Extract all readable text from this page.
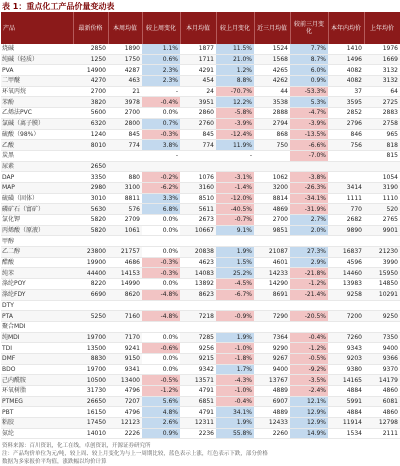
表 1：重点化工产品价量变动表
产品	最新价格	本周均值	较上周变化	本月均值	较上月变化	近三月均值	较前三月变化	本年内均价	上年均价
烧碱	2850	1890	1.1%	1877	11.5%	1524	7.7%	1410	1976
纯碱（轻质）	1250	1750	0.6%	1711	21.0%	1568	8.7%	1496	1669
PVA	14900	4287	2.3%	4291	1.2%	4265	6.0%	4082	3132
二甲醚	4270	463	2.3%	454	8.8%	4262	0.9%	4082	3132
环氧丙烷	2700	21	-	24	-70.7%	44	-53.3%	37	64
苯酚	3820	3978	-0.4%	3951	12.2%	3538	5.3%	3595	2725
乙烯法PVC	5600	2700	0.0%	2860	-5.8%	2888	-4.7%	2852	2883
氯碱（离子膜）	6320	2800	0.7%	2760	-3.9%	2794	-3.9%	2796	2758
硫酸（98%）	1240	845	-0.3%	845	-12.4%	868	-13.5%	846	965
乙酸	8010	774	3.8%	774	11.9%	750	-6.6%	756	818
炭黑			-		-		-7.0%		815
尿素	2650								
DAP	3350	880	-0.2%	1076	-3.1%	1062	-3.8%		1054
MAP	2980	3100	-6.2%	3160	-1.4%	3200	-26.3%	3414	3190
硫磺（固体）	3010	8811	3.3%	8510	-12.0%	8814	-34.1%	1111	1110
磷矿石（富矿）	5630	576	6.8%	5611	-40.5%	4869	-31.9%	770	520
氯化钾	5820	2709	0.0%	2673	-0.7%	2700	2.7%	2682	2765
丙烯酸（原液）	5820	1061	0.0%	10667	9.1%	9851	2.0%	9890	9901
甲醇									
乙二醇	23800	21757	0.0%	20838	1.9%	21087	27.3%	16837	21230
醋酸	19900	4686	-0.3%	4623	1.5%	4601	2.9%	4596	3990
纯苯	44400	14153	-0.3%	14083	25.2%	14233	-21.8%	14460	15950
涤纶POY	8220	14990	0.0%	13892	-4.5%	14290	-1.2%	13983	14850
涤纶FDY	6690	8620	-4.8%	8623	-6.7%	8691	-21.4%	9258	10291
DTY									
PTA	5250	7160	-4.8%	7218	-0.9%	7290	-20.5%	7200	9250
聚合MDI									
纯MDI	19700	7170	0.0%	7285	1.9%	7364	-0.4%	7260	7350
TDI	13500	9241	-0.6%	9256	-1.0%	9290	-1.2%	9343	9400
DMF	8830	9150	0.0%	9215	-1.8%	9267	-0.5%	9203	9366
BDO	19700	9341	0.0%	9342	1.7%	9400	-9.2%	9380	9370
己内酰胺	10500	13400	-0.5%	13571	-4.3%	13767	-3.5%	14165	14179
环氧树脂	31730	4796	-1.2%	4791	-1.0%	4889	-2.4%	4884	4860
PTMEG	26650	7207	5.6%	6851	-0.4%	6907	12.1%	5991	6081
PBT	16150	4796	4.8%	4791	34.1%	4889	12.9%	4884	4860
粘胶	17450	12123	2.6%	12311	1.9%	12433	12.9%	11914	12798
氨纶	14010	2226	0.9%	2236	55.8%	2260	14.9%	1534	2111
资料来源：百川资讯，化工在线，卓创资讯，开源证券研究所
注：产品均价单位为元/吨，较上周、较上月变化为与上一周期比较，蓝色表示上涨，红色表示下跌，部分价格
数据为多家报价平均值，涨跌幅以均价计算
